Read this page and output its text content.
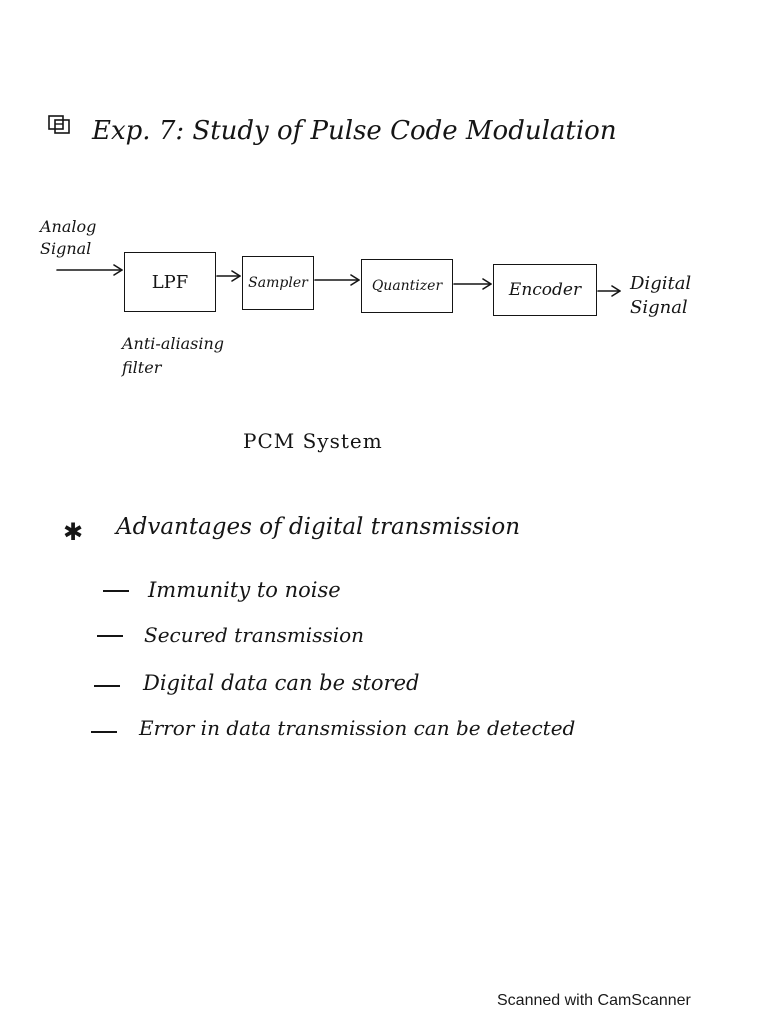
Exp. 7: Study of Pulse Code Modulation
Analog
Signal
LPF	Sampler	Quantizer	Encoder	Digital
Signal
Anti-aliasing
filter
PCM System
✱ Advantages of digital transmission
Immunity to noise
Secured transmission
Digital data can be stored
Error in data transmission can be detected
Scanned with CamScanner
